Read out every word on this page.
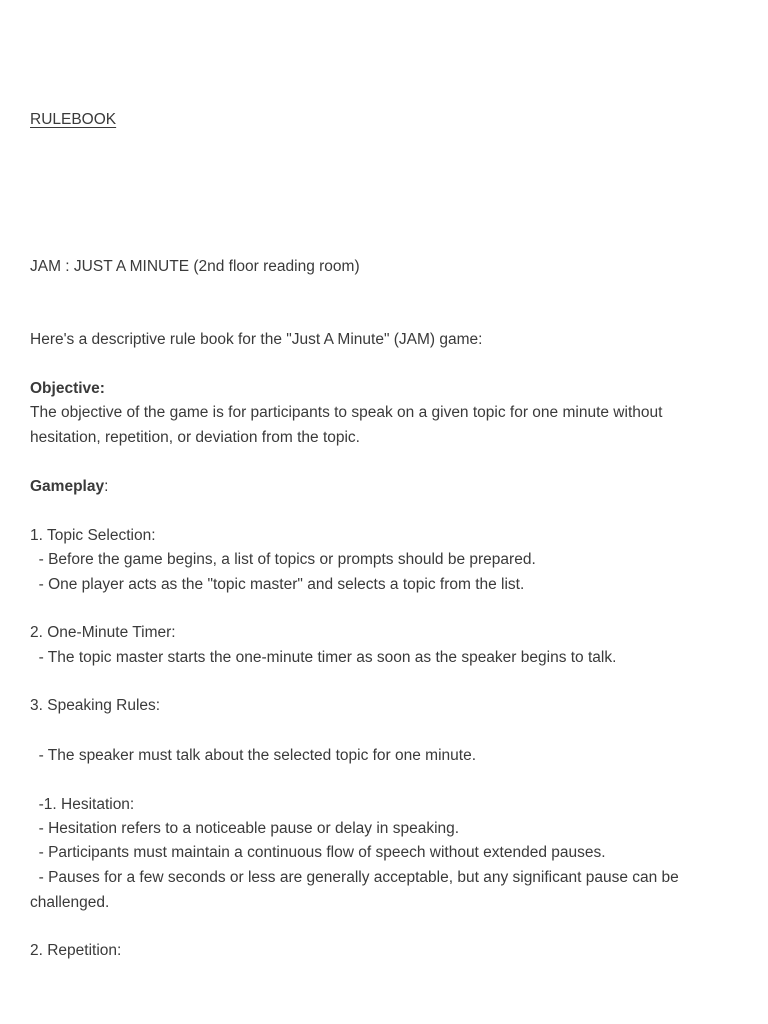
RULEBOOK
JAM : JUST A MINUTE (2nd floor reading room)
Here's a descriptive rule book for the "Just A Minute" (JAM) game:
Objective:
The objective of the game is for participants to speak on a given topic for one minute without hesitation, repetition, or deviation from the topic.
Gameplay:
1. Topic Selection:
- Before the game begins, a list of topics or prompts should be prepared.
- One player acts as the "topic master" and selects a topic from the list.
2. One-Minute Timer:
- The topic master starts the one-minute timer as soon as the speaker begins to talk.
3. Speaking Rules:
- The speaker must talk about the selected topic for one minute.
-1. Hesitation:
- Hesitation refers to a noticeable pause or delay in speaking.
- Participants must maintain a continuous flow of speech without extended pauses.
- Pauses for a few seconds or less are generally acceptable, but any significant pause can be challenged.
2. Repetition:
